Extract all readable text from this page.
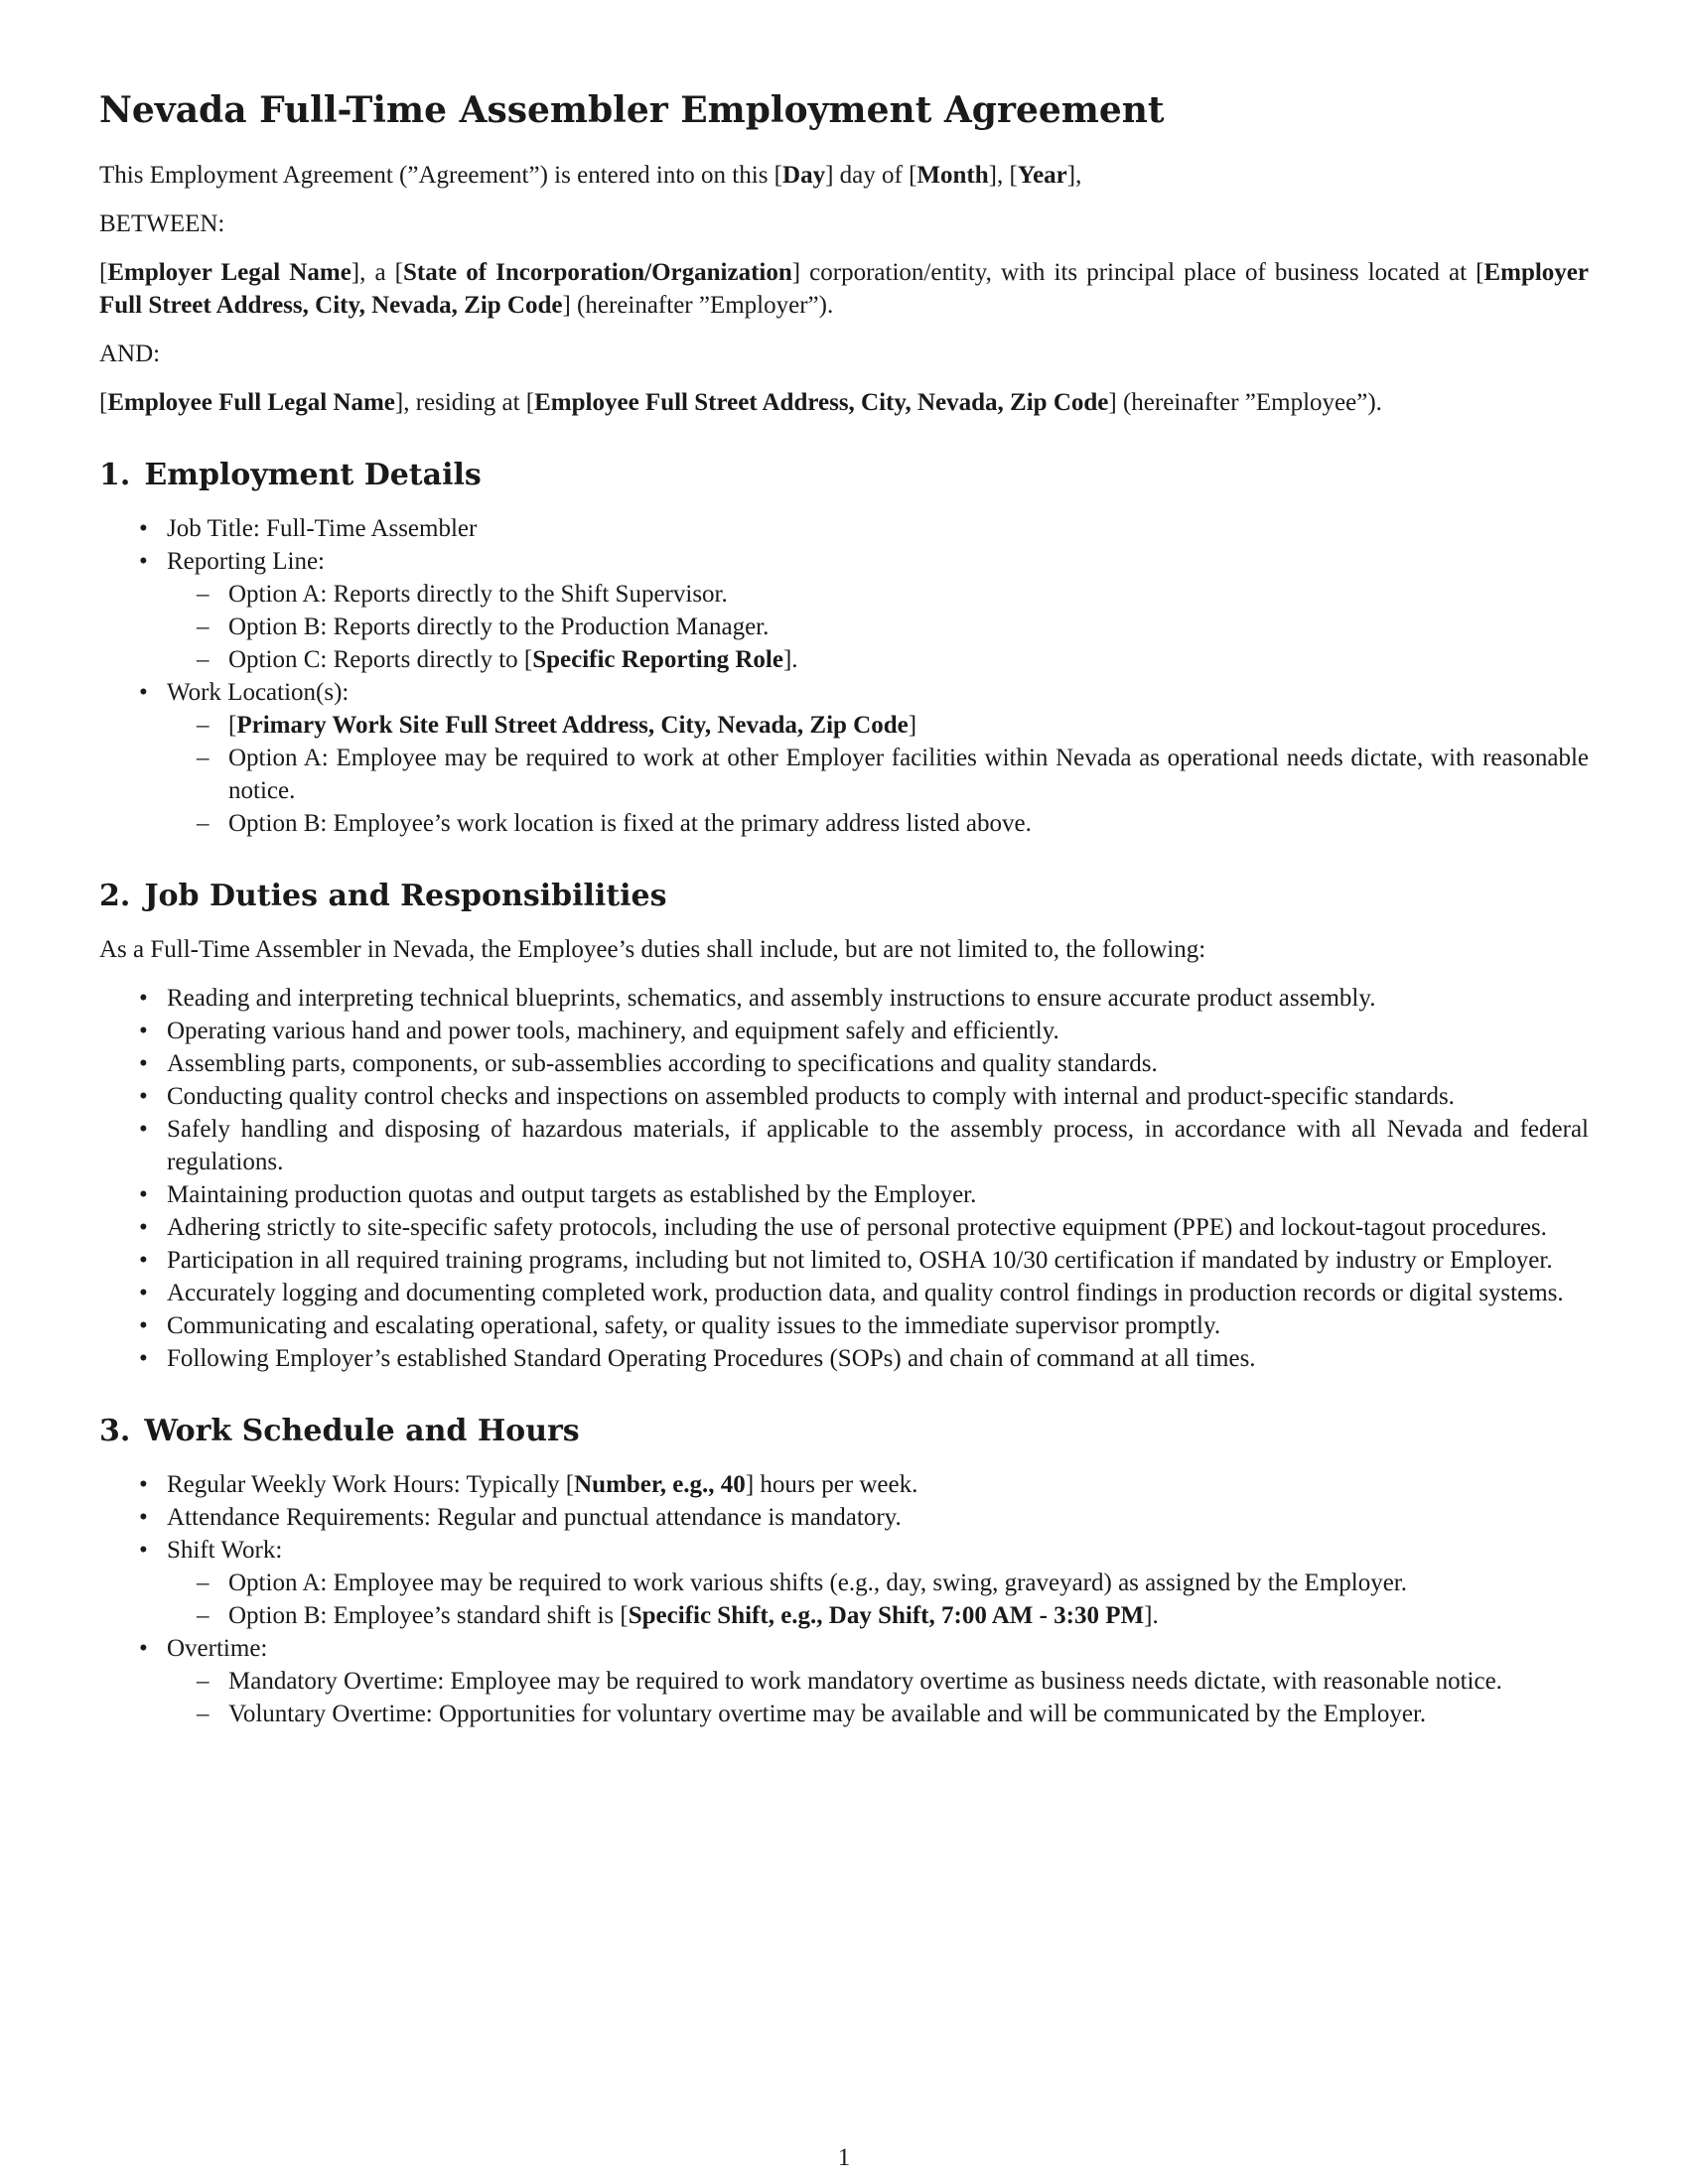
Nevada Full-Time Assembler Employment Agreement

This Employment Agreement (”Agreement”) is entered into on this [Day] day of [Month], [Year],

BETWEEN:

[Employer Legal Name], a [State of Incorporation/Organization] corporation/entity, with its principal place of business located at [Employer Full Street Address, City, Nevada, Zip Code] (hereinafter ”Employer”).

AND:

[Employee Full Legal Name], residing at [Employee Full Street Address, City, Nevada, Zip Code] (hereinafter ”Employee”).

1. Employment Details
• Job Title: Full-Time Assembler
• Reporting Line:
– Option A: Reports directly to the Shift Supervisor.
– Option B: Reports directly to the Production Manager.
– Option C: Reports directly to [Specific Reporting Role].
• Work Location(s):
– [Primary Work Site Full Street Address, City, Nevada, Zip Code]
– Option A: Employee may be required to work at other Employer facilities within Nevada as operational needs dictate, with reasonable notice.
– Option B: Employee’s work location is fixed at the primary address listed above.
2. Job Duties and Responsibilities

As a Full-Time Assembler in Nevada, the Employee’s duties shall include, but are not limited to, the following:

• Reading and interpreting technical blueprints, schematics, and assembly instructions to ensure accurate product assembly.
• Operating various hand and power tools, machinery, and equipment safely and efficiently.
• Assembling parts, components, or sub-assemblies according to specifications and quality standards.
• Conducting quality control checks and inspections on assembled products to comply with internal and product-specific standards.
• Safely handling and disposing of hazardous materials, if applicable to the assembly process, in accordance with all Nevada and federal regulations.
• Maintaining production quotas and output targets as established by the Employer.
• Adhering strictly to site-specific safety protocols, including the use of personal protective equipment (PPE) and lockout-tagout procedures.
• Participation in all required training programs, including but not limited to, OSHA 10/30 certification if mandated by industry or Employer.
• Accurately logging and documenting completed work, production data, and quality control findings in production records or digital systems.
• Communicating and escalating operational, safety, or quality issues to the immediate supervisor promptly.
• Following Employer’s established Standard Operating Procedures (SOPs) and chain of command at all times.
3. Work Schedule and Hours
• Regular Weekly Work Hours: Typically [Number, e.g., 40] hours per week.
• Attendance Requirements: Regular and punctual attendance is mandatory.
• Shift Work:
– Option A: Employee may be required to work various shifts (e.g., day, swing, graveyard) as assigned by the Employer.
– Option B: Employee’s standard shift is [Specific Shift, e.g., Day Shift, 7:00 AM - 3:30 PM].
• Overtime:
– Mandatory Overtime: Employee may be required to work mandatory overtime as business needs dictate, with reasonable notice.
– Voluntary Overtime: Opportunities for voluntary overtime may be available and will be communicated by the Employer.
1
